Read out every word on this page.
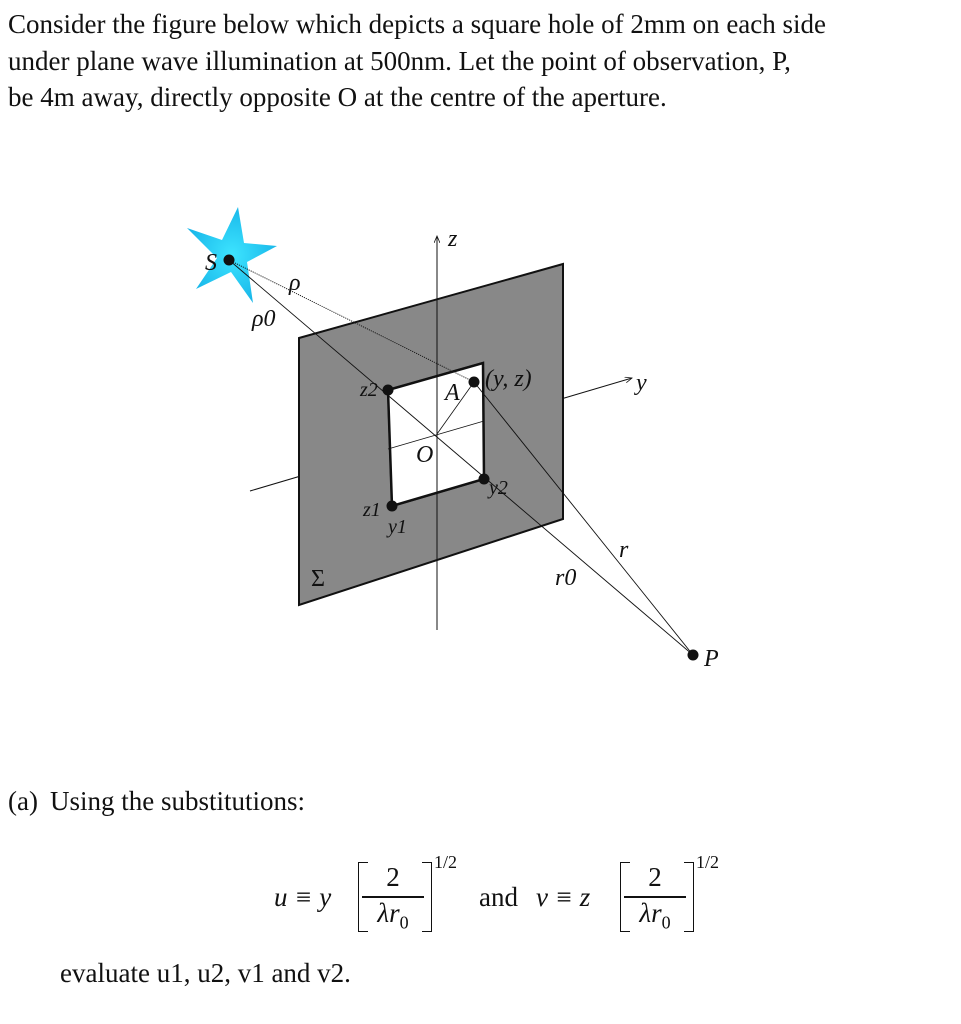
Consider the figure below which depicts a square hole of 2mm on each side
under plane wave illumination at 500nm. Let the point of observation, P,
be 4m away, directly opposite O at the centre of the aperture.
S
ρ
ρ0
z
y
A
(y, z)
O
z2
z1
y1
y2
r
r0
Σ
P
(a) Using the substitutions:
u ≡ y
2
$\lambda r_0$
1/2
and v ≡ z
2
$\lambda r_0$
1/2
evaluate u1, u2, v1 and v2.
